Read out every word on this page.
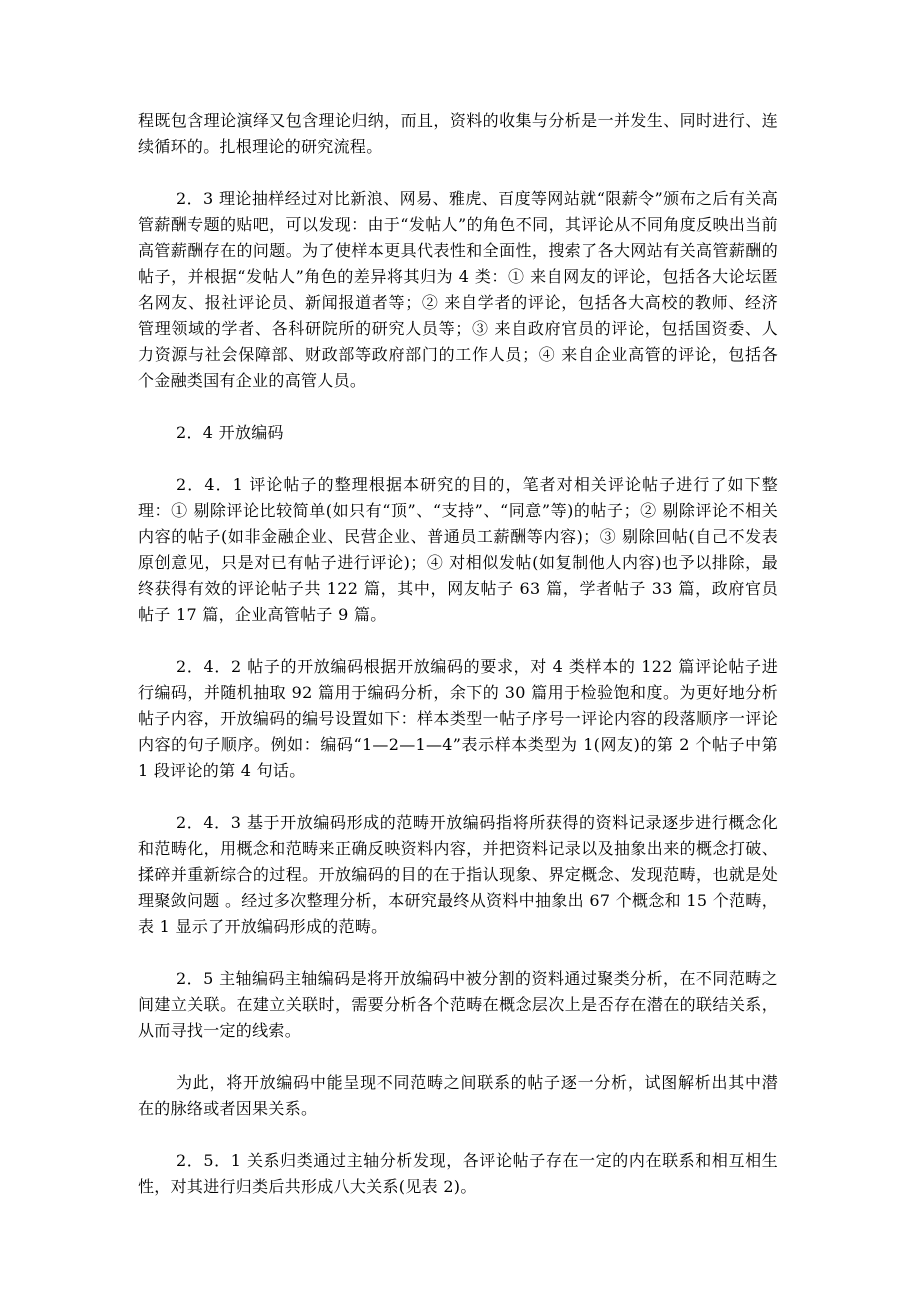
程既包含理论演绎又包含理论归纳，而且，资料的收集与分析是一并发生、同时进行、连续循环的。扎根理论的研究流程。

2．3 理论抽样经过对比新浪、网易、雅虎、百度等网站就“限薪令”颁布之后有关高管薪酬专题的贴吧，可以发现：由于“发帖人”的角色不同，其评论从不同角度反映出当前高管薪酬存在的问题。为了使样本更具代表性和全面性，搜索了各大网站有关高管薪酬的帖子，并根据“发帖人”角色的差异将其归为 4 类：① 来自网友的评论，包括各大论坛匿名网友、报社评论员、新闻报道者等；② 来自学者的评论，包括各大高校的教师、经济管理领域的学者、各科研院所的研究人员等；③ 来自政府官员的评论，包括国资委、人力资源与社会保障部、财政部等政府部门的工作人员；④ 来自企业高管的评论，包括各个金融类国有企业的高管人员。

2．4 开放编码

2．4．1 评论帖子的整理根据本研究的目的，笔者对相关评论帖子进行了如下整理：① 剔除评论比较简单(如只有“顶”、“支持”、“同意”等)的帖子；② 剔除评论不相关内容的帖子(如非金融企业、民营企业、普通员工薪酬等内容)；③ 剔除回帖(自己不发表原创意见，只是对已有帖子进行评论)；④ 对相似发帖(如复制他人内容)也予以排除，最终获得有效的评论帖子共 122 篇，其中，网友帖子 63 篇，学者帖子 33 篇，政府官员帖子 17 篇，企业高管帖子 9 篇。

2．4．2 帖子的开放编码根据开放编码的要求，对 4 类样本的 122 篇评论帖子进行编码，并随机抽取 92 篇用于编码分析，余下的 30 篇用于检验饱和度。为更好地分析帖子内容，开放编码的编号设置如下：样本类型一帖子序号一评论内容的段落顺序一评论内容的句子顺序。例如：编码“1—2—1—4”表示样本类型为 1(网友)的第 2 个帖子中第 1 段评论的第 4 句话。

2．4．3 基于开放编码形成的范畴开放编码指将所获得的资料记录逐步进行概念化和范畴化，用概念和范畴来正确反映资料内容，并把资料记录以及抽象出来的概念打破、揉碎并重新综合的过程。开放编码的目的在于指认现象、界定概念、发现范畴，也就是处理聚敛问题 。经过多次整理分析，本研究最终从资料中抽象出 67 个概念和 15 个范畴，表 1 显示了开放编码形成的范畴。

2．5 主轴编码主轴编码是将开放编码中被分割的资料通过聚类分析，在不同范畴之间建立关联。在建立关联时，需要分析各个范畴在概念层次上是否存在潜在的联结关系，从而寻找一定的线索。

为此，将开放编码中能呈现不同范畴之间联系的帖子逐一分析，试图解析出其中潜在的脉络或者因果关系。

2．5．1 关系归类通过主轴分析发现，各评论帖子存在一定的内在联系和相互相生性，对其进行归类后共形成八大关系(见表 2)。
